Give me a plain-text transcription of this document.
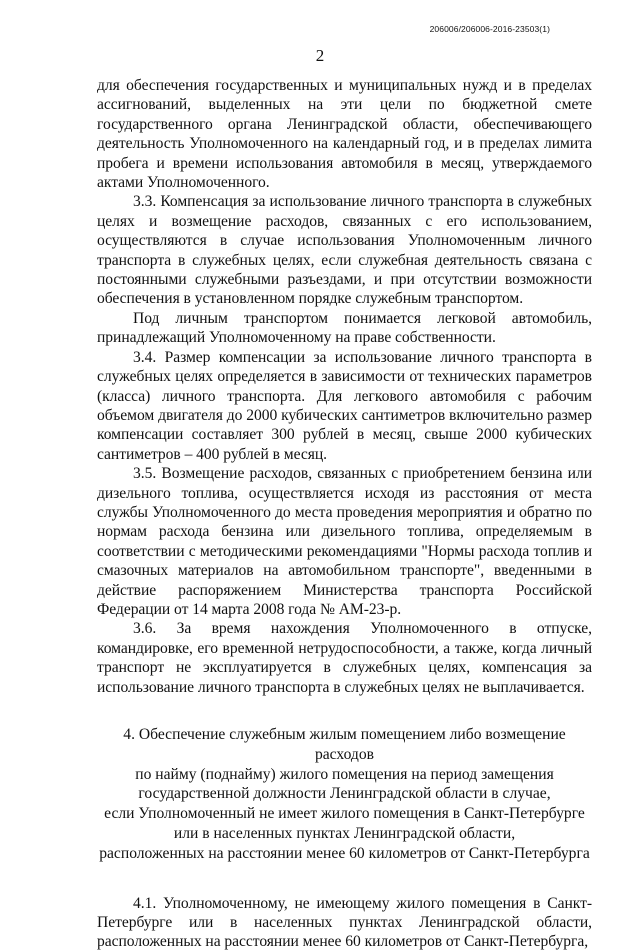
206006/206006-2016-23503(1)
2

для обеспечения государственных и муниципальных нужд и в пределах ассигнований, выделенных на эти цели по бюджетной смете государственного органа Ленинградской области, обеспечивающего деятельность Уполномоченного на календарный год, и в пределах лимита пробега и времени использования автомобиля в месяц, утверждаемого актами Уполномоченного.

3.3. Компенсация за использование личного транспорта в служебных целях и возмещение расходов, связанных с его использованием, осуществляются в случае использования Уполномоченным личного транспорта в служебных целях, если служебная деятельность связана с постоянными служебными разъездами, и при отсутствии возможности обеспечения в установленном порядке служебным транспортом.

Под личным транспортом понимается легковой автомобиль, принадлежащий Уполномоченному на праве собственности.

3.4. Размер компенсации за использование личного транспорта в служебных целях определяется в зависимости от технических параметров (класса) личного транспорта. Для легкового автомобиля с рабочим объемом двигателя до 2000 кубических сантиметров включительно размер компенсации составляет 300 рублей в месяц, свыше 2000 кубических сантиметров – 400 рублей в месяц.

3.5. Возмещение расходов, связанных с приобретением бензина или дизельного топлива, осуществляется исходя из расстояния от места службы Уполномоченного до места проведения мероприятия и обратно по нормам расхода бензина или дизельного топлива, определяемым в соответствии с методическими рекомендациями "Нормы расхода топлив и смазочных материалов на автомобильном транспорте", введенными в действие распоряжением Министерства транспорта Российской Федерации от 14 марта 2008 года № АМ-23-р.

3.6. За время нахождения Уполномоченного в отпуске, командировке, его временной нетрудоспособности, а также, когда личный транспорт не эксплуатируется в служебных целях, компенсация за использование личного транспорта в служебных целях не выплачивается.

4. Обеспечение служебным жилым помещением либо возмещение расходов
по найму (поднайму) жилого помещения на период замещения
государственной должности Ленинградской области в случае,
если Уполномоченный не имеет жилого помещения в Санкт-Петербурге
или в населенных пунктах Ленинградской области,
расположенных на расстоянии менее 60 километров от Санкт-Петербурга

4.1. Уполномоченному, не имеющему жилого помещения в Санкт-Петербурге или в населенных пунктах Ленинградской области, расположенных на расстоянии менее 60 километров от Санкт-Петербурга,
